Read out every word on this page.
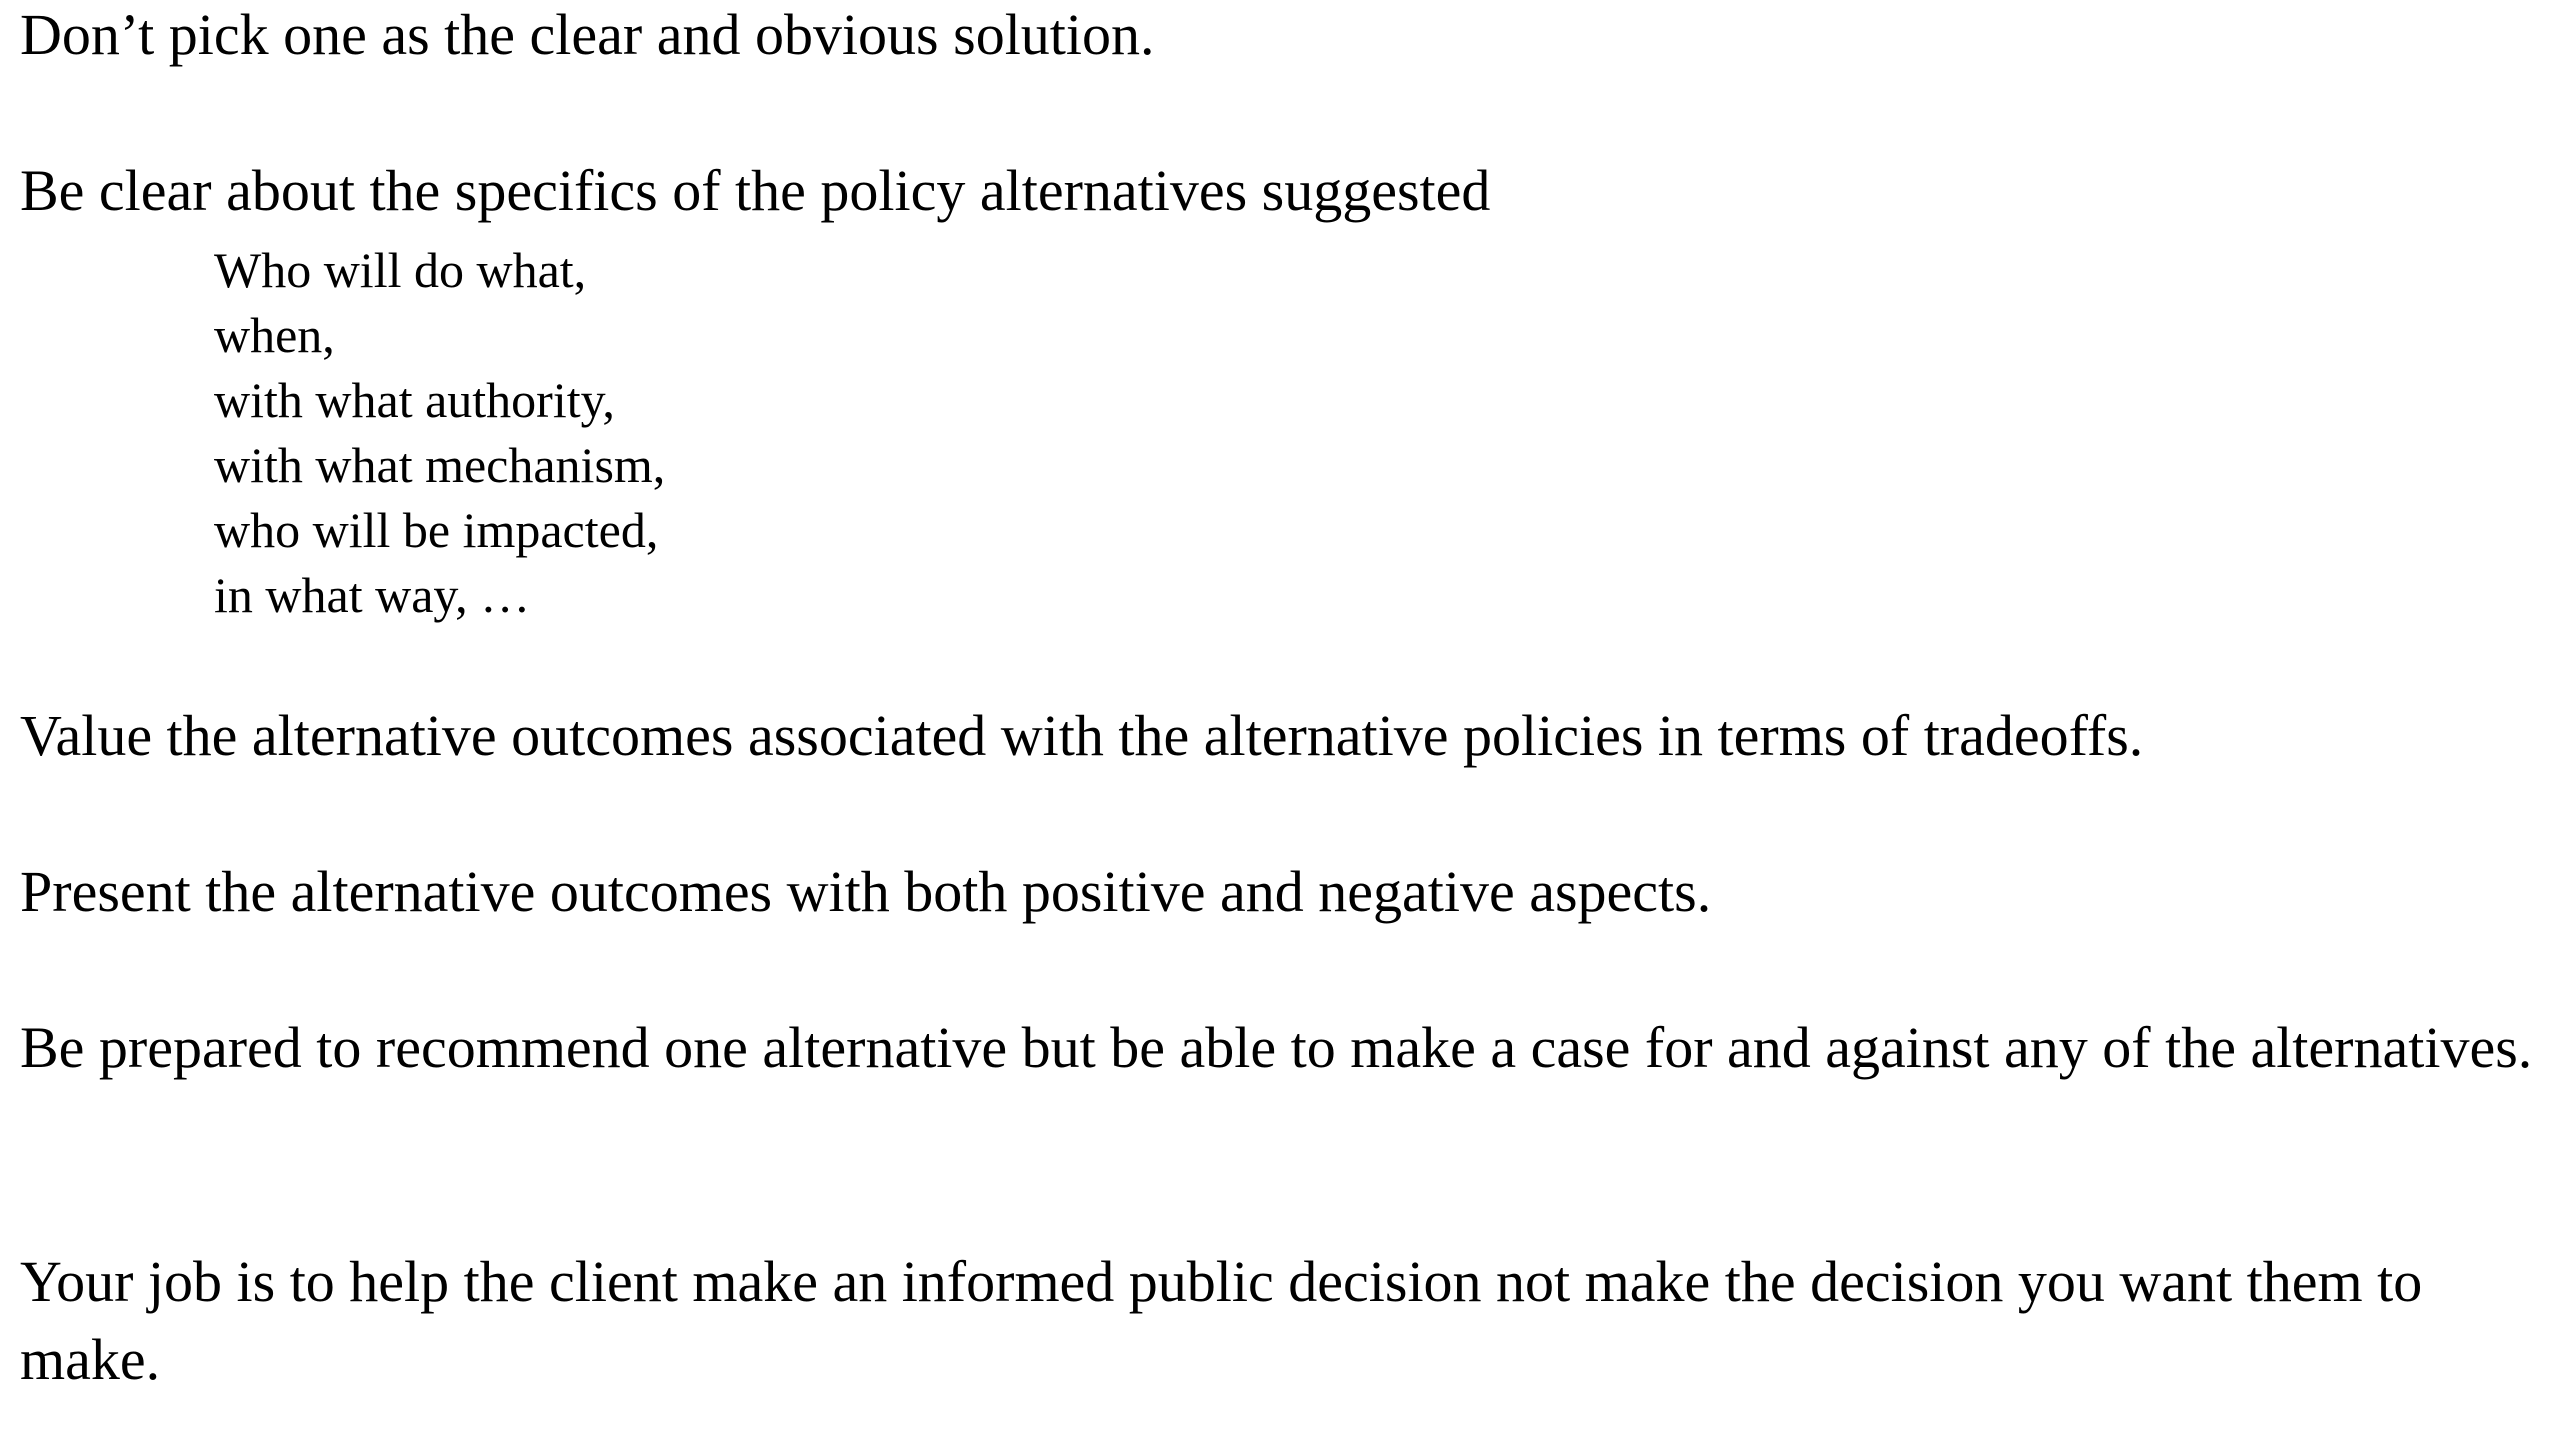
Don’t pick one as the clear and obvious solution.

Be clear about the specifics of the policy alternatives suggested

Who will do what,

when,

with what authority,

with what mechanism,

who will be impacted,

in what way, …

Value the alternative outcomes associated with the alternative policies in terms of tradeoffs.

Present the alternative outcomes with both positive and negative aspects.

Be prepared to recommend one alternative but be able to make a case for and against any of the alternatives.

Your job is to help the client make an informed public decision not make the decision you want them to make.
